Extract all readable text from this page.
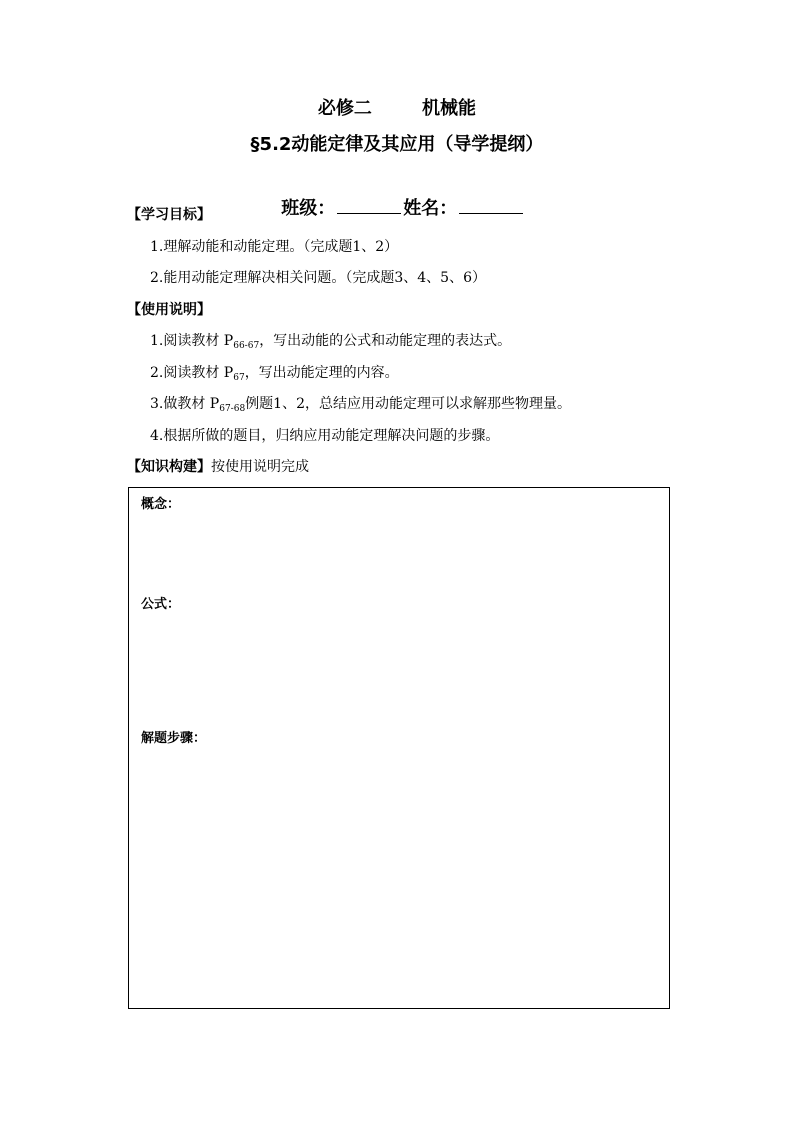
必修二        机械能
§5.2动能定律及其应用（导学提纲）

班级：	姓名：

【学习目标】
1.理解动能和动能定理。（完成题1、2）
2.能用动能定理解决相关问题。（完成题3、4、5、6）
【使用说明】
1.阅读教材 $P_{66-67}$，写出动能的公式和动能定理的表达式。
2.阅读教材 $P_{67}$，写出动能定理的内容。
3.做教材 $P_{67-68}$例题1、2，总结应用动能定理可以求解那些物理量。
4.根据所做的题目，归纳应用动能定理解决问题的步骤。
【知识构建】按使用说明完成
概念：
公式：
解题步骤：
